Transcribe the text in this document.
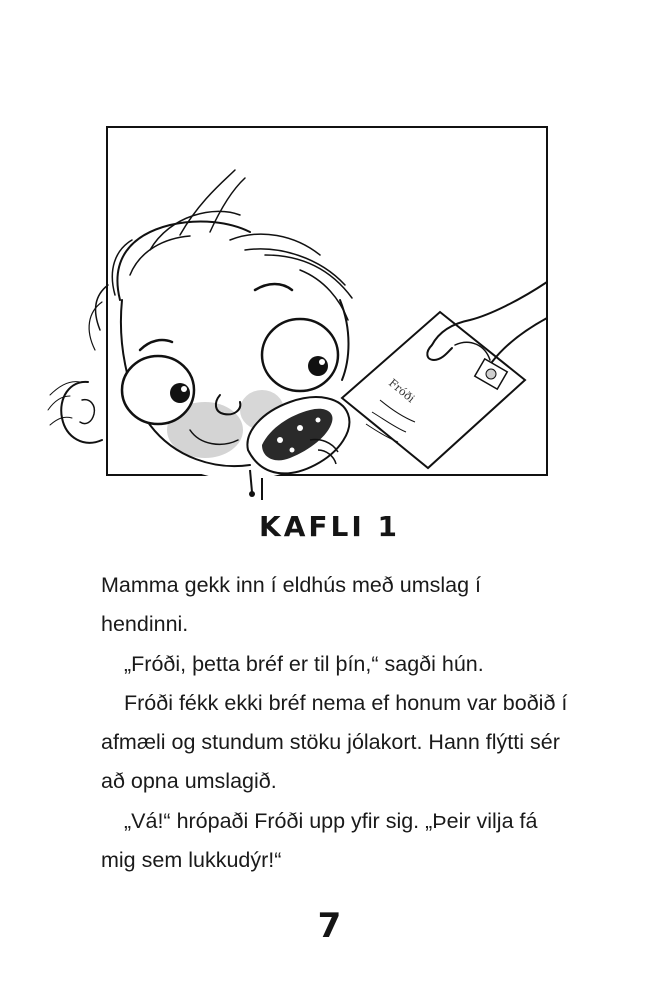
Fróði
KAFLI 1

Mamma gekk inn í eldhús með umslag í hendinni.

„Fróði, þetta bréf er til þín,“ sagði hún.

Fróði fékk ekki bréf nema ef honum var boðið í afmæli og stundum stöku jólakort. Hann flýtti sér að opna umslagið.

„Vá!“ hrópaði Fróði upp yfir sig. „Þeir vilja fá mig sem lukkudýr!“

7
